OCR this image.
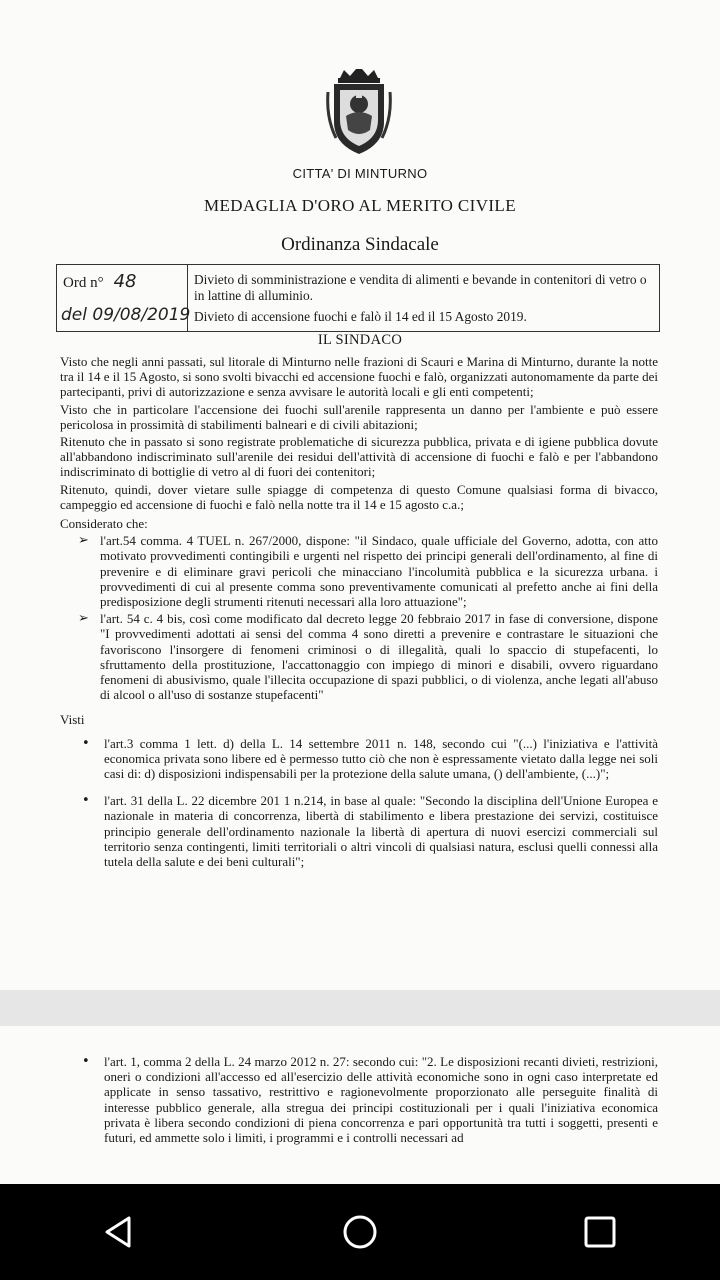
CITTA' DI MINTURNO
MEDAGLIA D'ORO AL MERITO CIVILE
Ordinanza Sindacale
Ord n° 48
del 09/08/2019

Divieto di somministrazione e vendita di alimenti e bevande in contenitori di vetro o in lattine di alluminio.

Divieto di accensione fuochi e falò il 14 ed il 15 Agosto 2019.

IL SINDACO

Visto che negli anni passati, sul litorale di Minturno nelle frazioni di Scauri e Marina di Minturno, durante la notte tra il 14 e il 15 Agosto, si sono svolti bivacchi ed accensione fuochi e falò, organizzati autonomamente da parte dei partecipanti, privi di autorizzazione e senza avvisare le autorità locali e gli enti competenti;

Visto che in particolare l'accensione dei fuochi sull'arenile rappresenta un danno per l'ambiente e può essere pericolosa in prossimità di stabilimenti balneari e di civili abitazioni;

Ritenuto che in passato si sono registrate problematiche di sicurezza pubblica, privata e di igiene pubblica dovute all'abbandono indiscriminato sull'arenile dei residui dell'attività di accensione di fuochi e falò e per l'abbandono indiscriminato di bottiglie di vetro al di fuori dei contenitori;

Ritenuto, quindi, dover vietare sulle spiagge di competenza di questo Comune qualsiasi forma di bivacco, campeggio ed accensione di fuochi e falò nella notte tra il 14 e 15 agosto c.a.;

Considerato che:

➢ l'art.54 comma. 4 TUEL n. 267/2000, dispone: "il Sindaco, quale ufficiale del Governo, adotta, con atto motivato provvedimenti contingibili e urgenti nel rispetto dei principi generali dell'ordinamento, al fine di prevenire e di eliminare gravi pericoli che minacciano l'incolumità pubblica e la sicurezza urbana. i provvedimenti di cui al presente comma sono preventivamente comunicati al prefetto anche ai fini della predisposizione degli strumenti ritenuti necessari alla loro attuazione";
➢ l'art. 54 c. 4 bis, così come modificato dal decreto legge 20 febbraio 2017 in fase di conversione, dispone "I provvedimenti adottati ai sensi del comma 4 sono diretti a prevenire e contrastare le situazioni che favoriscono l'insorgere di fenomeni criminosi o di illegalità, quali lo spaccio di stupefacenti, lo sfruttamento della prostituzione, l'accattonaggio con impiego di minori e disabili, ovvero riguardano fenomeni di abusivismo, quale l'illecita occupazione di spazi pubblici, o di violenza, anche legati all'abuso di alcool o all'uso di sostanze stupefacenti"

Visti

• l'art.3 comma 1 lett. d) della L. 14 settembre 2011 n. 148, secondo cui "(...) l'iniziativa e l'attività economica privata sono libere ed è permesso tutto ciò che non è espressamente vietato dalla legge nei soli casi di: d) disposizioni indispensabili per la protezione della salute umana, () dell'ambiente, (...)";
• l'art. 31 della L. 22 dicembre 201 1 n.214, in base al quale: "Secondo la disciplina dell'Unione Europea e nazionale in materia di concorrenza, libertà di stabilimento e libera prestazione dei servizi, costituisce principio generale dell'ordinamento nazionale la libertà di apertura di nuovi esercizi commerciali sul territorio senza contingenti, limiti territoriali o altri vincoli di qualsiasi natura, esclusi quelli connessi alla tutela della salute e dei beni culturali";
• l'art. 1, comma 2 della L. 24 marzo 2012 n. 27: secondo cui: "2. Le disposizioni recanti divieti, restrizioni, oneri o condizioni all'accesso ed all'esercizio delle attività economiche sono in ogni caso interpretate ed applicate in senso tassativo, restrittivo e ragionevolmente proporzionato alle perseguite finalità di interesse pubblico generale, alla stregua dei principi costituzionali per i quali l'iniziativa economica privata è libera secondo condizioni di piena concorrenza e pari opportunità tra tutti i soggetti, presenti e futuri, ed ammette solo i limiti, i programmi e i controlli necessari ad
